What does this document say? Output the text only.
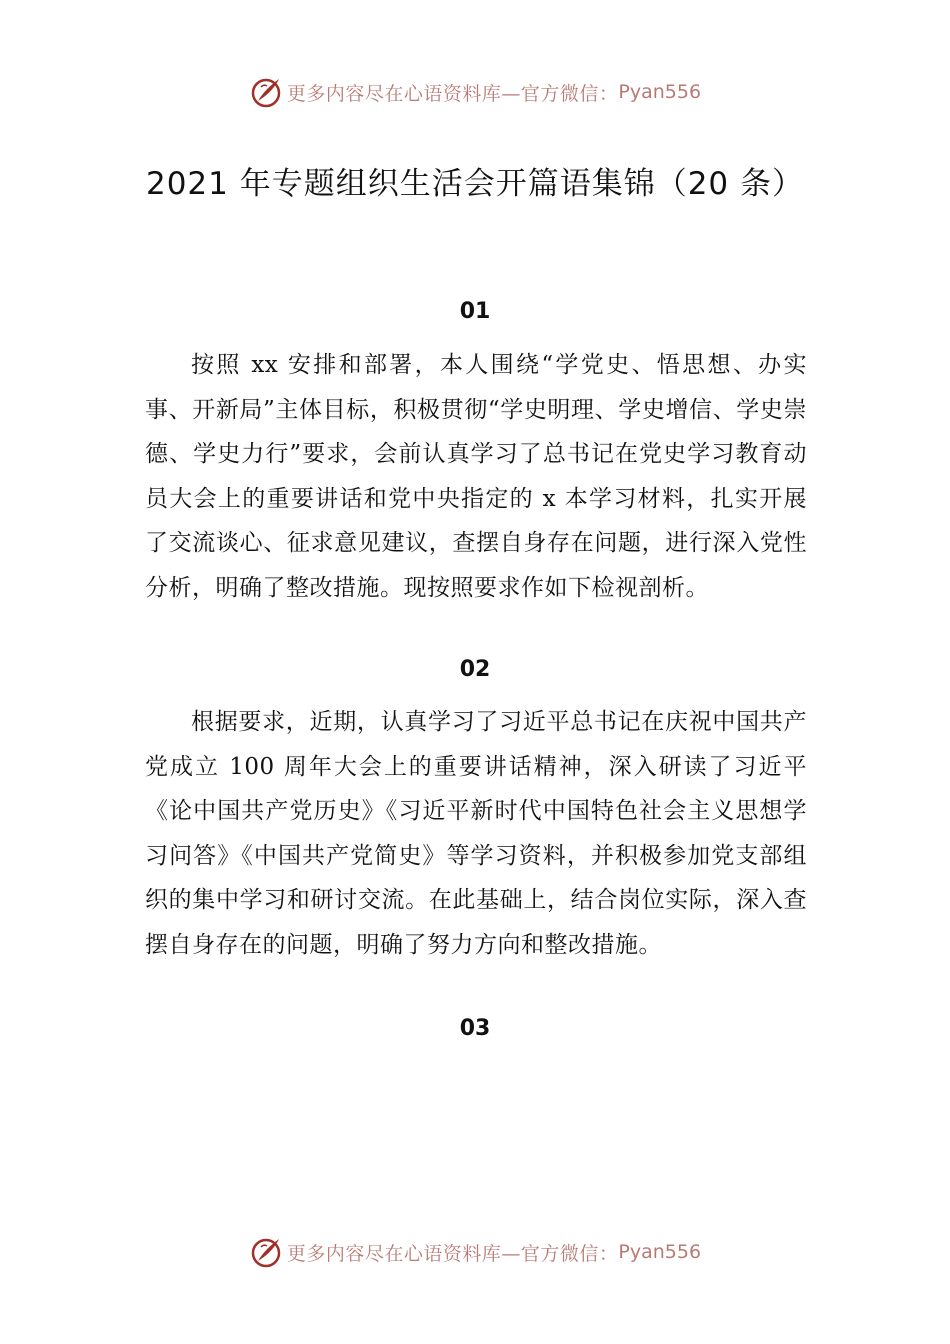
更多内容尽在心语资料库—官方微信： Pyan556
2021 年专题组织生活会开篇语集锦（20 条）
01

按照 xx 安排和部署，本人围绕“学党史、悟思想、办实事、开新局”主体目标，积极贯彻“学史明理、学史增信、学史崇德、学史力行”要求，会前认真学习了总书记在党史学习教育动员大会上的重要讲话和党中央指定的 x 本学习材料，扎实开展了交流谈心、征求意见建议，查摆自身存在问题，进行深入党性分析，明确了整改措施。现按照要求作如下检视剖析。

02

根据要求，近期，认真学习了习近平总书记在庆祝中国共产党成立 100 周年大会上的重要讲话精神，深入研读了习近平《论中国共产党历史》《习近平新时代中国特色社会主义思想学习问答》《中国共产党简史》等学习资料，并积极参加党支部组织的集中学习和研讨交流。在此基础上，结合岗位实际，深入查摆自身存在的问题，明确了努力方向和整改措施。

03
更多内容尽在心语资料库—官方微信： Pyan556
